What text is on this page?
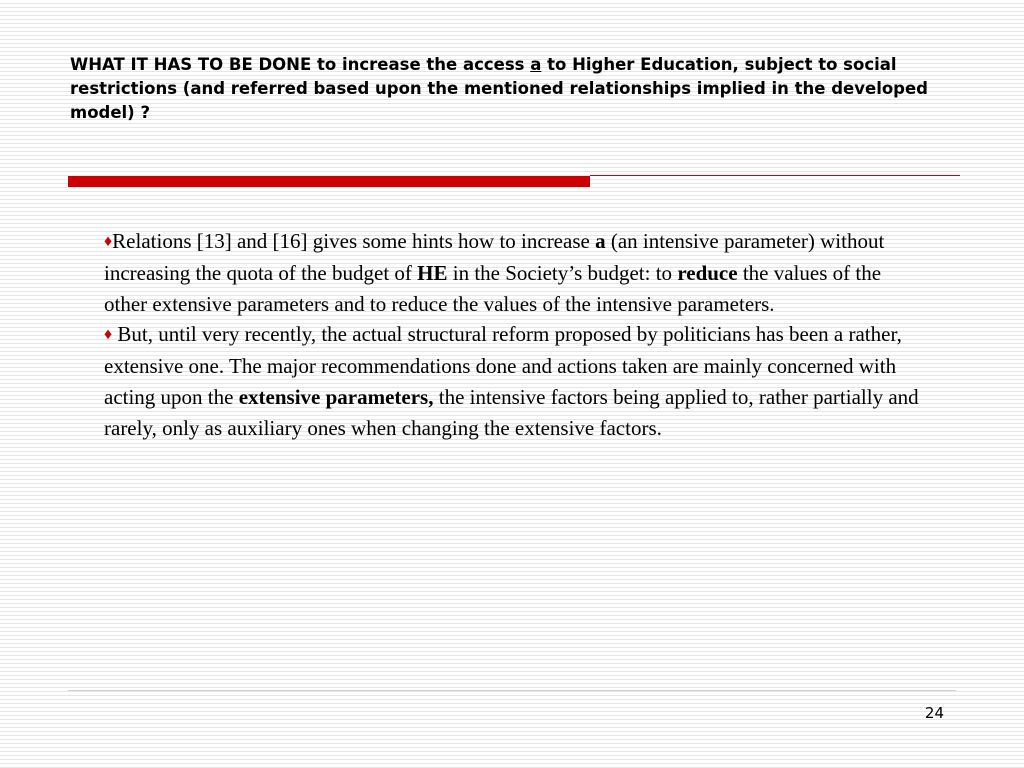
WHAT IT HAS TO BE DONE to increase the access a to Higher Education, subject to social restrictions (and referred based upon the mentioned relationships implied in the developed model) ?

♦Relations [13] and [16] gives some hints how to increase a (an intensive parameter) without increasing the quota of the budget of HE in the Society’s budget: to reduce the values of the other extensive parameters and to reduce the values of the intensive parameters.

♦ But, until very recently, the actual structural reform proposed by politicians has been a rather, extensive one. The major recommendations done and actions taken are mainly concerned with acting upon the extensive parameters, the intensive factors being applied to, rather partially and rarely, only as auxiliary ones when changing the extensive factors.

24
